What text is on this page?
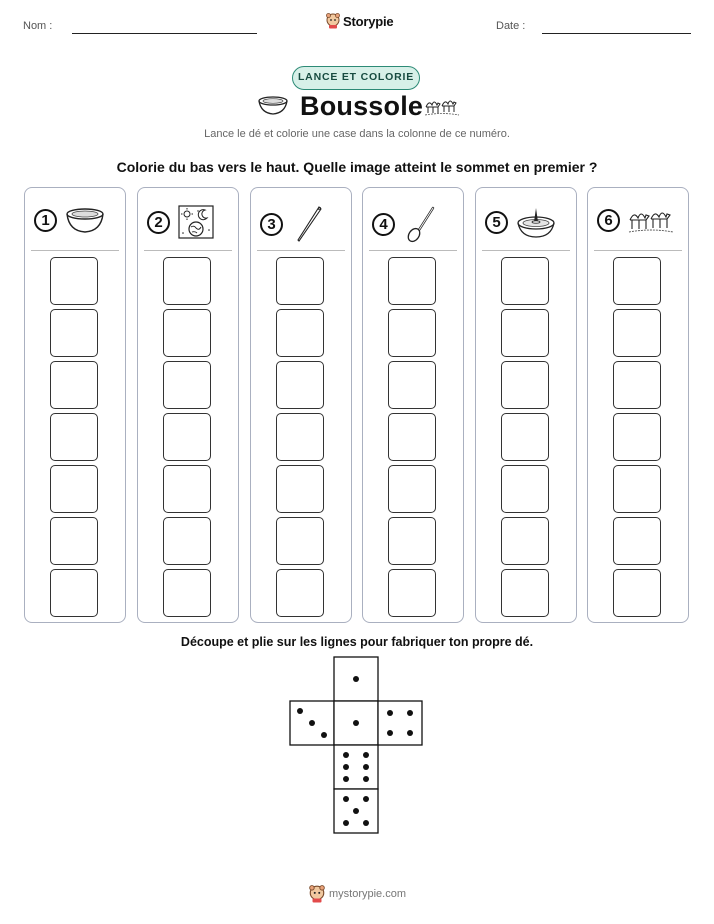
Nom :	Storypie	Date :
LANCE ET COLORIE
Boussole
Lance le dé et colorie une case dans la colonne de ce numéro.
Colorie du bas vers le haut. Quelle image atteint le sommet en premier ?
1	2	3	4	5	6
Découpe et plie sur les lignes pour fabriquer ton propre dé.
mystorypie.com
